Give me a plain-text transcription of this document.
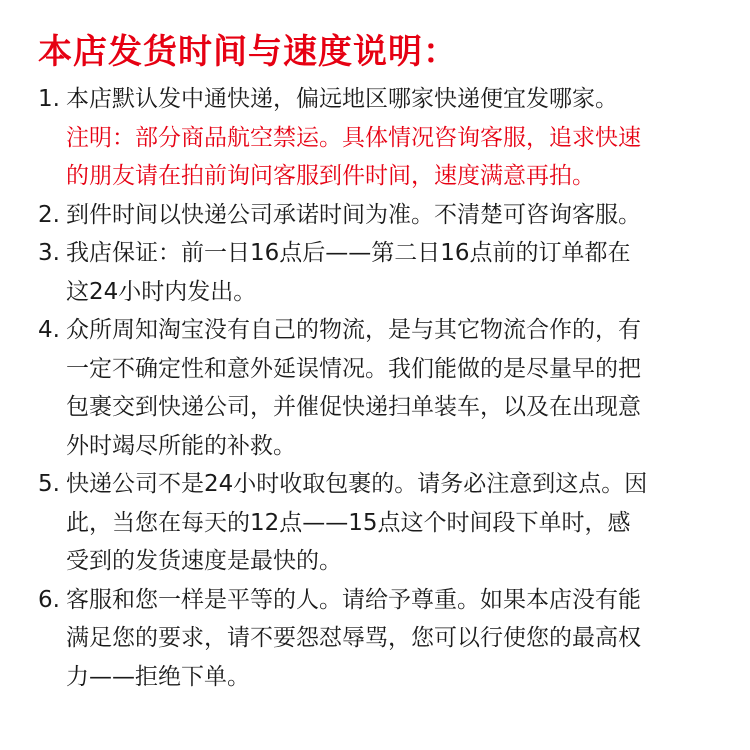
本店发货时间与速度说明：
1. 本店默认发中通快递，偏远地区哪家快递便宜发哪家。
注明：部分商品航空禁运。具体情况咨询客服，追求快速
的朋友请在拍前询问客服到件时间，速度满意再拍。

2. 到件时间以快递公司承诺时间为准。不清楚可咨询客服。

3. 我店保证：前一日16点后——第二日16点前的订单都在
这24小时内发出。

4. 众所周知淘宝没有自己的物流，是与其它物流合作的，有
一定不确定性和意外延误情况。我们能做的是尽量早的把
包裹交到快递公司，并催促快递扫单装车，以及在出现意
外时竭尽所能的补救。

5. 快递公司不是24小时收取包裹的。请务必注意到这点。因
此，当您在每天的12点——15点这个时间段下单时，感
受到的发货速度是最快的。

6. 客服和您一样是平等的人。请给予尊重。如果本店没有能
满足您的要求，请不要怨怼辱骂，您可以行使您的最高权
力——拒绝下单。
